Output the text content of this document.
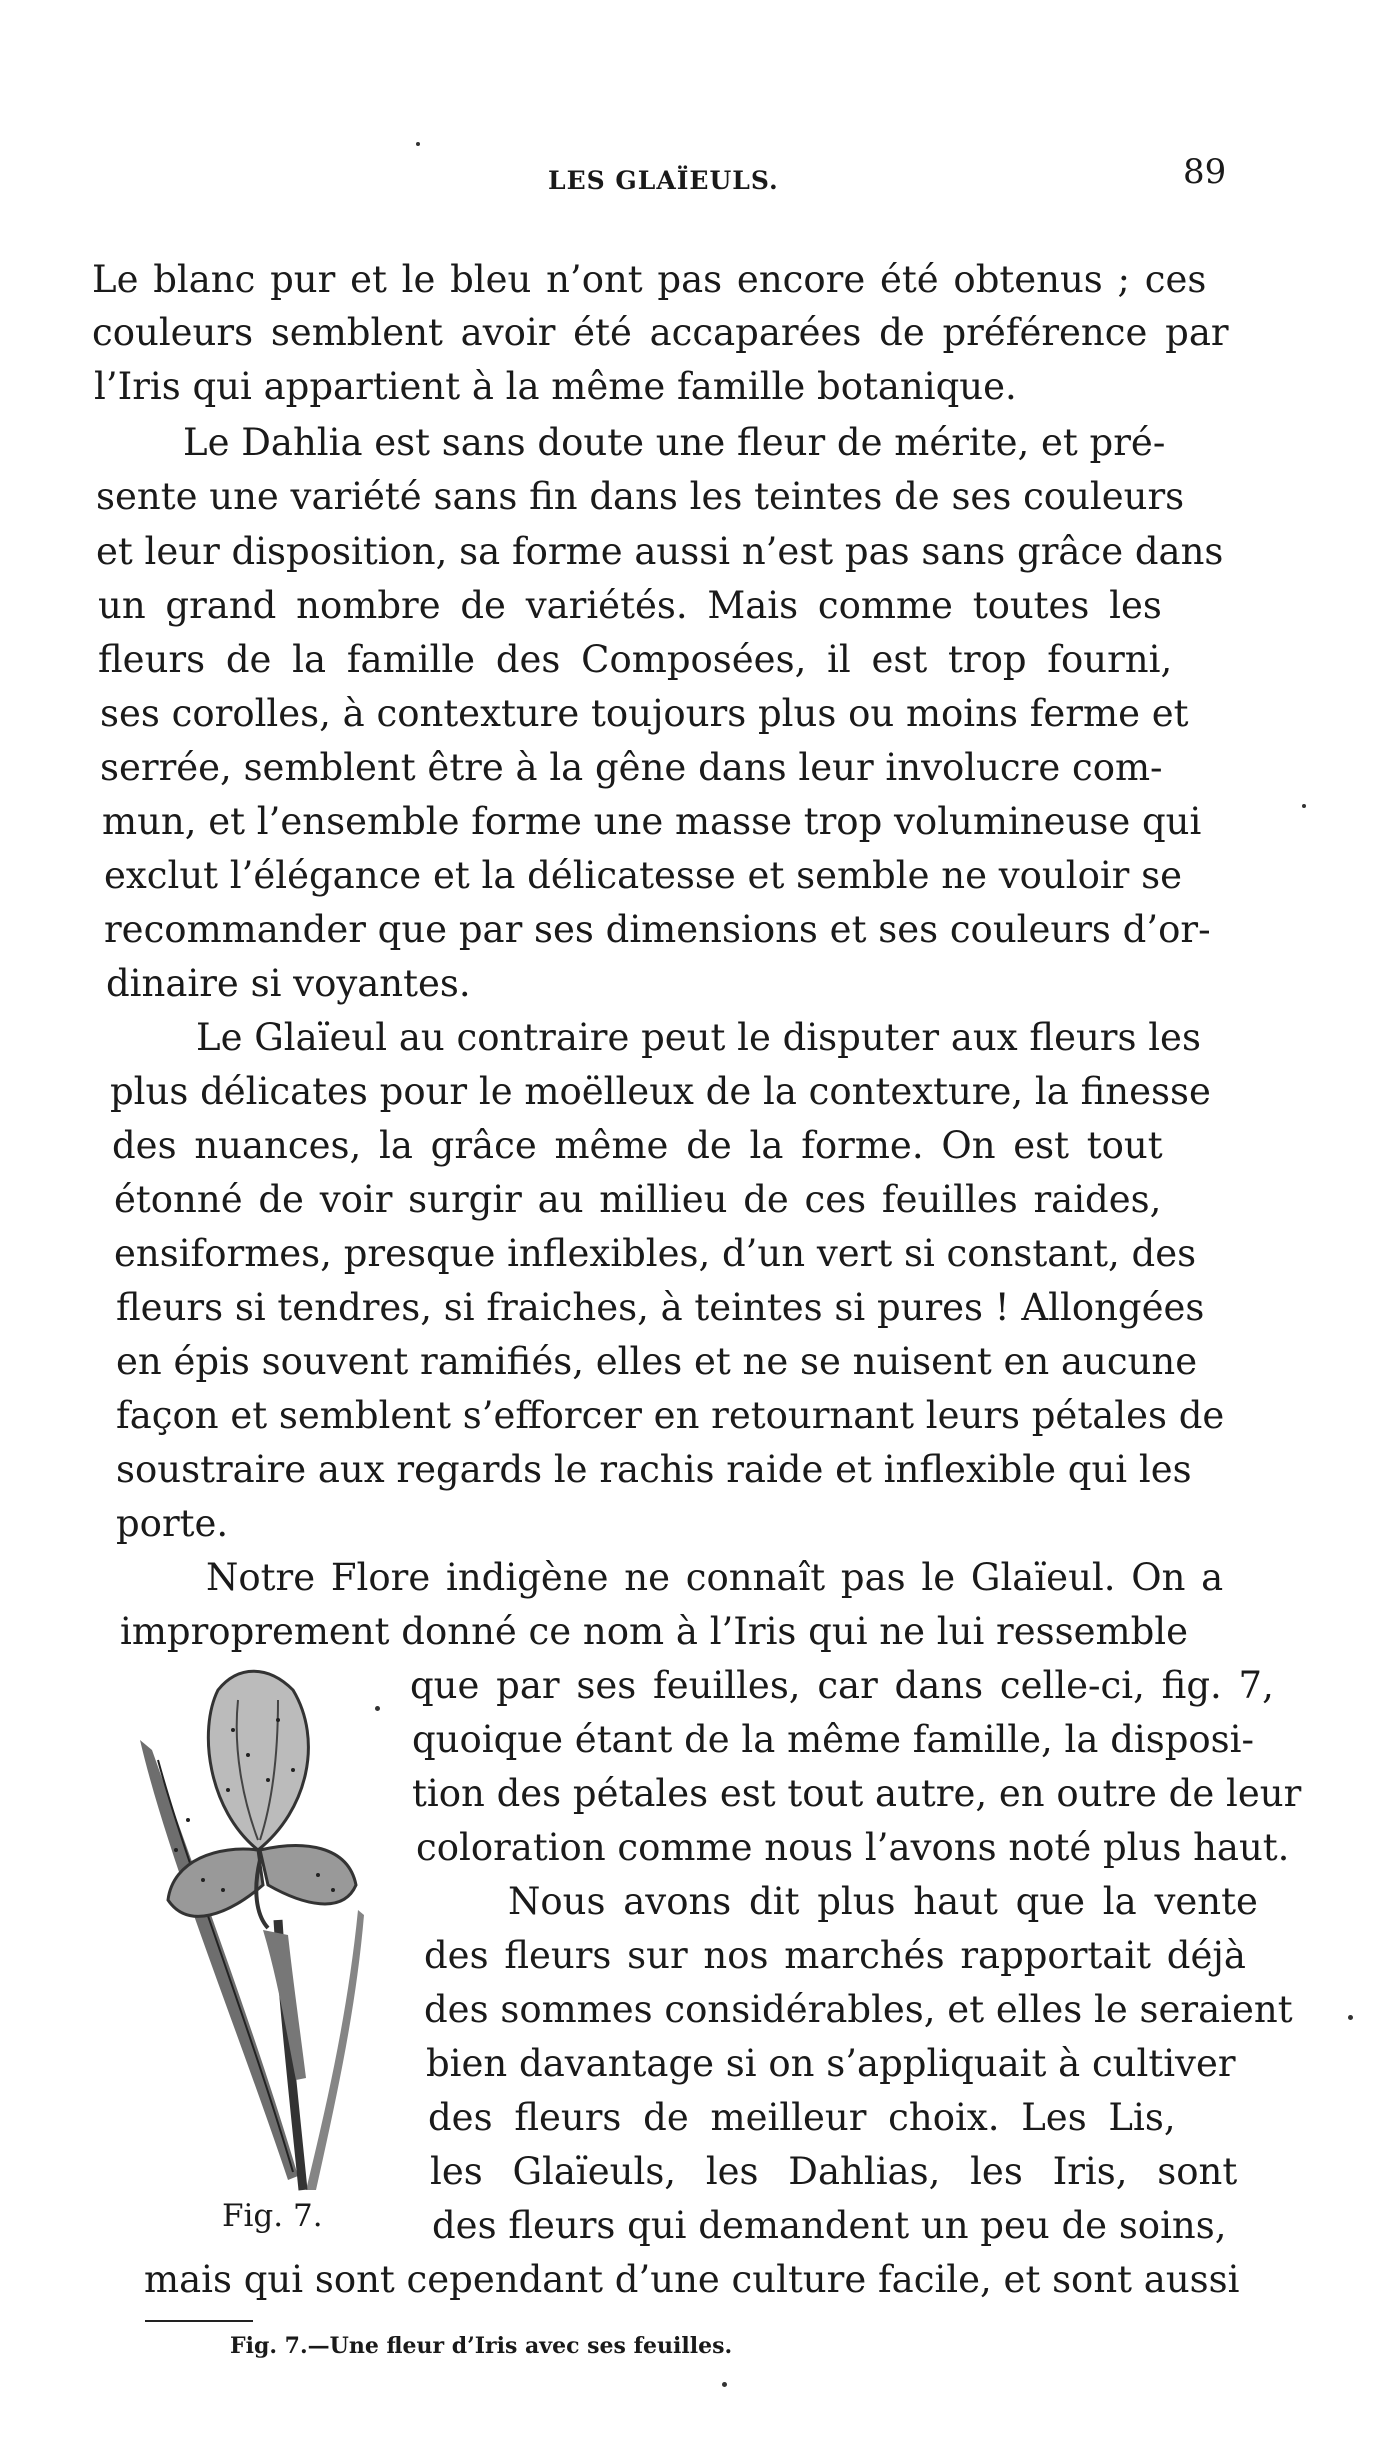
LES GLAÏEULS.	89
Le blanc pur et le bleu n’ont pas encore été obtenus ; ces
couleurs semblent avoir été accaparées de préférence par
l’Iris qui appartient à la même famille botanique.
Le Dahlia est sans doute une fleur de mérite, et pré-
sente une variété sans fin dans les teintes de ses couleurs
et leur disposition, sa forme aussi n’est pas sans grâce dans
un grand nombre de variétés. Mais comme toutes les
fleurs de la famille des Composées, il est trop fourni,
ses corolles, à contexture toujours plus ou moins ferme et
serrée, semblent être à la gêne dans leur involucre com-
mun, et l’ensemble forme une masse trop volumineuse qui
exclut l’élégance et la délicatesse et semble ne vouloir se
recommander que par ses dimensions et ses couleurs d’or-
dinaire si voyantes.
Le Glaïeul au contraire peut le disputer aux fleurs les
plus délicates pour le moëlleux de la contexture, la finesse
des nuances, la grâce même de la forme. On est tout
étonné de voir surgir au millieu de ces feuilles raides,
ensiformes, presque inflexibles, d’un vert si constant, des
fleurs si tendres, si fraiches, à teintes si pures ! Allongées
en épis souvent ramifiés, elles et ne se nuisent en aucune
façon et semblent s’efforcer en retournant leurs pétales de
soustraire aux regards le rachis raide et inflexible qui les
porte.
Notre Flore indigène ne connaît pas le Glaïeul. On a
improprement donné ce nom à l’Iris qui ne lui ressemble
que par ses feuilles, car dans celle-ci, fig. 7,
quoique étant de la même famille, la disposi-
tion des pétales est tout autre, en outre de leur
coloration comme nous l’avons noté plus haut.
Nous avons dit plus haut que la vente
des fleurs sur nos marchés rapportait déjà
des sommes considérables, et elles le seraient
bien davantage si on s’appliquait à cultiver
des fleurs de meilleur choix. Les Lis,
les Glaïeuls, les Dahlias, les Iris, sont
des fleurs qui demandent un peu de soins,
mais qui sont cependant d’une culture facile, et sont aussi
Fig. 7.
Fig. 7.—Une fleur d’Iris avec ses feuilles.
